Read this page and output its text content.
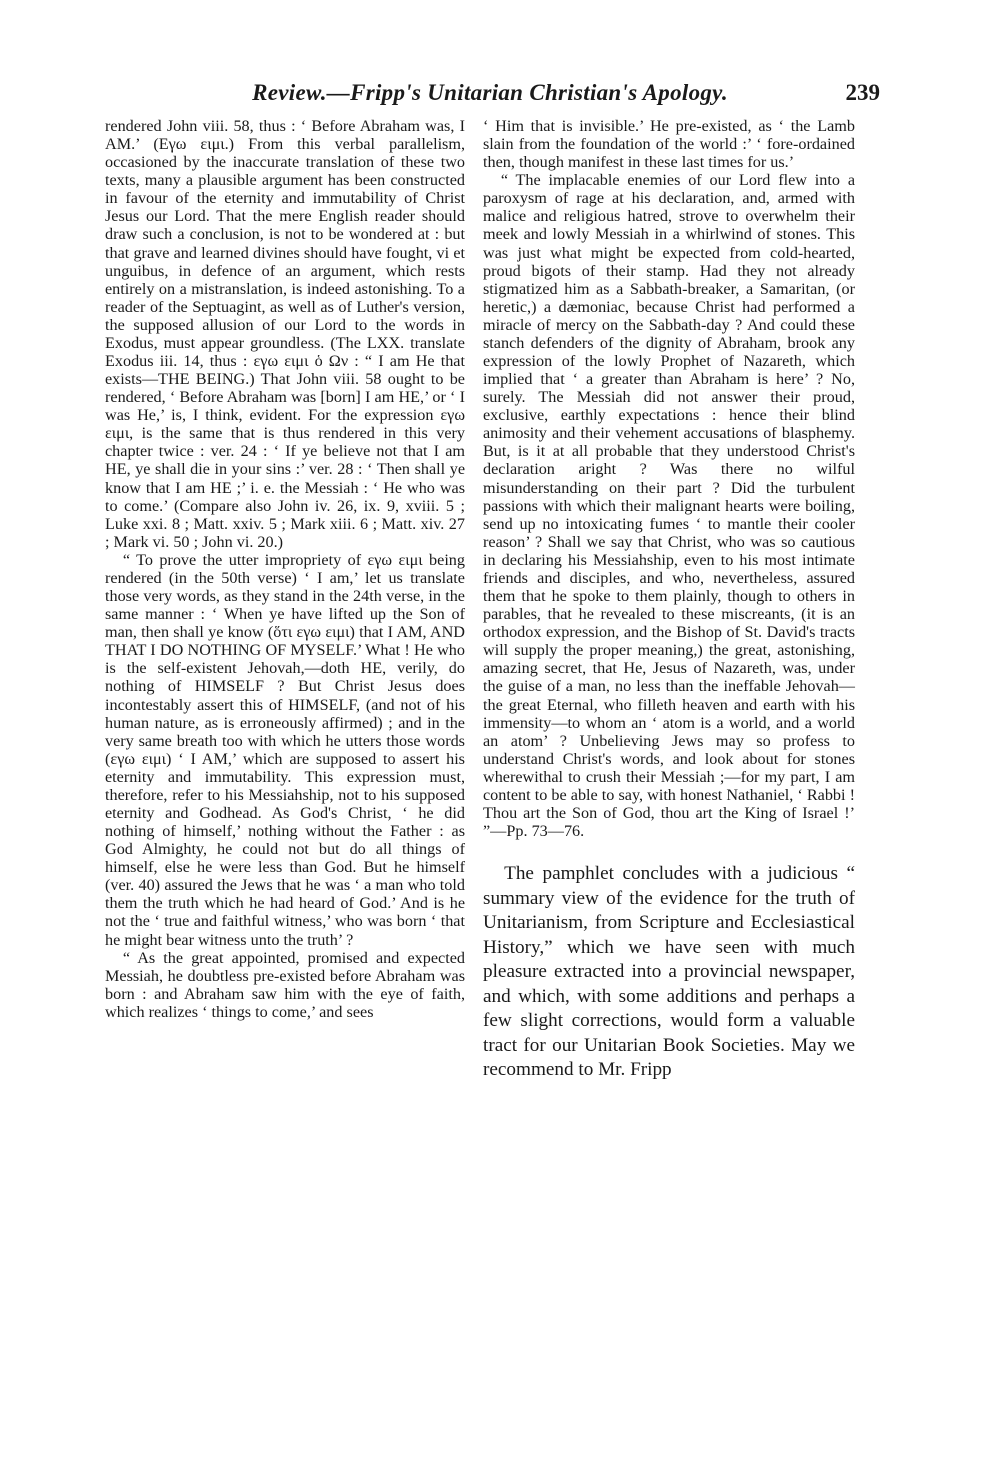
Review.—Fripp's Unitarian Christian's Apology.	239

rendered John viii. 58, thus : ‘ Before Abraham was, I AM.’ (Εγω ειμι.) From this verbal parallelism, occasioned by the inaccurate translation of these two texts, many a plausible argument has been constructed in favour of the eternity and immutability of Christ Jesus our Lord. That the mere English reader should draw such a conclusion, is not to be wondered at : but that grave and learned divines should have fought, vi et unguibus, in defence of an argument, which rests entirely on a mistranslation, is indeed astonishing. To a reader of the Septuagint, as well as of Luther's version, the supposed allusion of our Lord to the words in Exodus, must appear groundless. (The LXX. translate Exodus iii. 14, thus : εγω ειμι ὁ Ων : “ I am He that exists—THE BEING.) That John viii. 58 ought to be rendered, ‘ Before Abraham was [born] I am HE,’ or ‘ I was He,’ is, I think, evident. For the expression εγω ειμι, is the same that is thus rendered in this very chapter twice : ver. 24 : ‘ If ye believe not that I am HE, ye shall die in your sins :’ ver. 28 : ‘ Then shall ye know that I am HE ;’ i. e. the Messiah : ‘ He who was to come.’ (Compare also John iv. 26, ix. 9, xviii. 5 ; Luke xxi. 8 ; Matt. xxiv. 5 ; Mark xiii. 6 ; Matt. xiv. 27 ; Mark vi. 50 ; John vi. 20.)

“ To prove the utter impropriety of εγω ειμι being rendered (in the 50th verse) ‘ I am,’ let us translate those very words, as they stand in the 24th verse, in the same manner : ‘ When ye have lifted up the Son of man, then shall ye know (ὅτι εγω ειμι) that I AM, AND THAT I DO NOTHING OF MYSELF.’ What ! He who is the self-existent Jehovah,—doth HE, verily, do nothing of HIMSELF ? But Christ Jesus does incontestably assert this of HIMSELF, (and not of his human nature, as is erroneously affirmed) ; and in the very same breath too with which he utters those words (εγω ειμι) ‘ I AM,’ which are supposed to assert his eternity and immutability. This expression must, therefore, refer to his Messiahship, not to his supposed eternity and Godhead. As God's Christ, ‘ he did nothing of himself,’ nothing without the Father : as God Almighty, he could not but do all things of himself, else he were less than God. But he himself (ver. 40) assured the Jews that he was ‘ a man who told them the truth which he had heard of God.’ And is he not the ‘ true and faithful witness,’ who was born ‘ that he might bear witness unto the truth’ ?

“ As the great appointed, promised and expected Messiah, he doubtless pre-existed before Abraham was born : and Abraham saw him with the eye of faith, which realizes ‘ things to come,’ and sees

‘ Him that is invisible.’ He pre-existed, as ‘ the Lamb slain from the foundation of the world :’ ‘ fore-ordained then, though manifest in these last times for us.’

“ The implacable enemies of our Lord flew into a paroxysm of rage at his declaration, and, armed with malice and religious hatred, strove to overwhelm their meek and lowly Messiah in a whirlwind of stones. This was just what might be expected from cold-hearted, proud bigots of their stamp. Had they not already stigmatized him as a Sabbath-breaker, a Samaritan, (or heretic,) a dæmoniac, because Christ had performed a miracle of mercy on the Sabbath-day ? And could these stanch defenders of the dignity of Abraham, brook any expression of the lowly Prophet of Nazareth, which implied that ‘ a greater than Abraham is here’ ? No, surely. The Messiah did not answer their proud, exclusive, earthly expectations : hence their blind animosity and their vehement accusations of blasphemy. But, is it at all probable that they understood Christ's declaration aright ? Was there no wilful misunderstanding on their part ? Did the turbulent passions with which their malignant hearts were boiling, send up no intoxicating fumes ‘ to mantle their cooler reason’ ? Shall we say that Christ, who was so cautious in declaring his Messiahship, even to his most intimate friends and disciples, and who, nevertheless, assured them that he spoke to them plainly, though to others in parables, that he revealed to these miscreants, (it is an orthodox expression, and the Bishop of St. David's tracts will supply the proper meaning,) the great, astonishing, amazing secret, that He, Jesus of Nazareth, was, under the guise of a man, no less than the ineffable Jehovah—the great Eternal, who filleth heaven and earth with his immensity—to whom an ‘ atom is a world, and a world an atom’ ? Unbelieving Jews may so profess to understand Christ's words, and look about for stones wherewithal to crush their Messiah ;—for my part, I am content to be able to say, with honest Nathaniel, ‘ Rabbi ! Thou art the Son of God, thou art the King of Israel !’ ”—Pp. 73—76.

The pamphlet concludes with a judicious “ summary view of the evidence for the truth of Unitarianism, from Scripture and Ecclesiastical History,” which we have seen with much pleasure extracted into a provincial newspaper, and which, with some additions and perhaps a few slight corrections, would form a valuable tract for our Unitarian Book Societies. May we recommend to Mr. Fripp
